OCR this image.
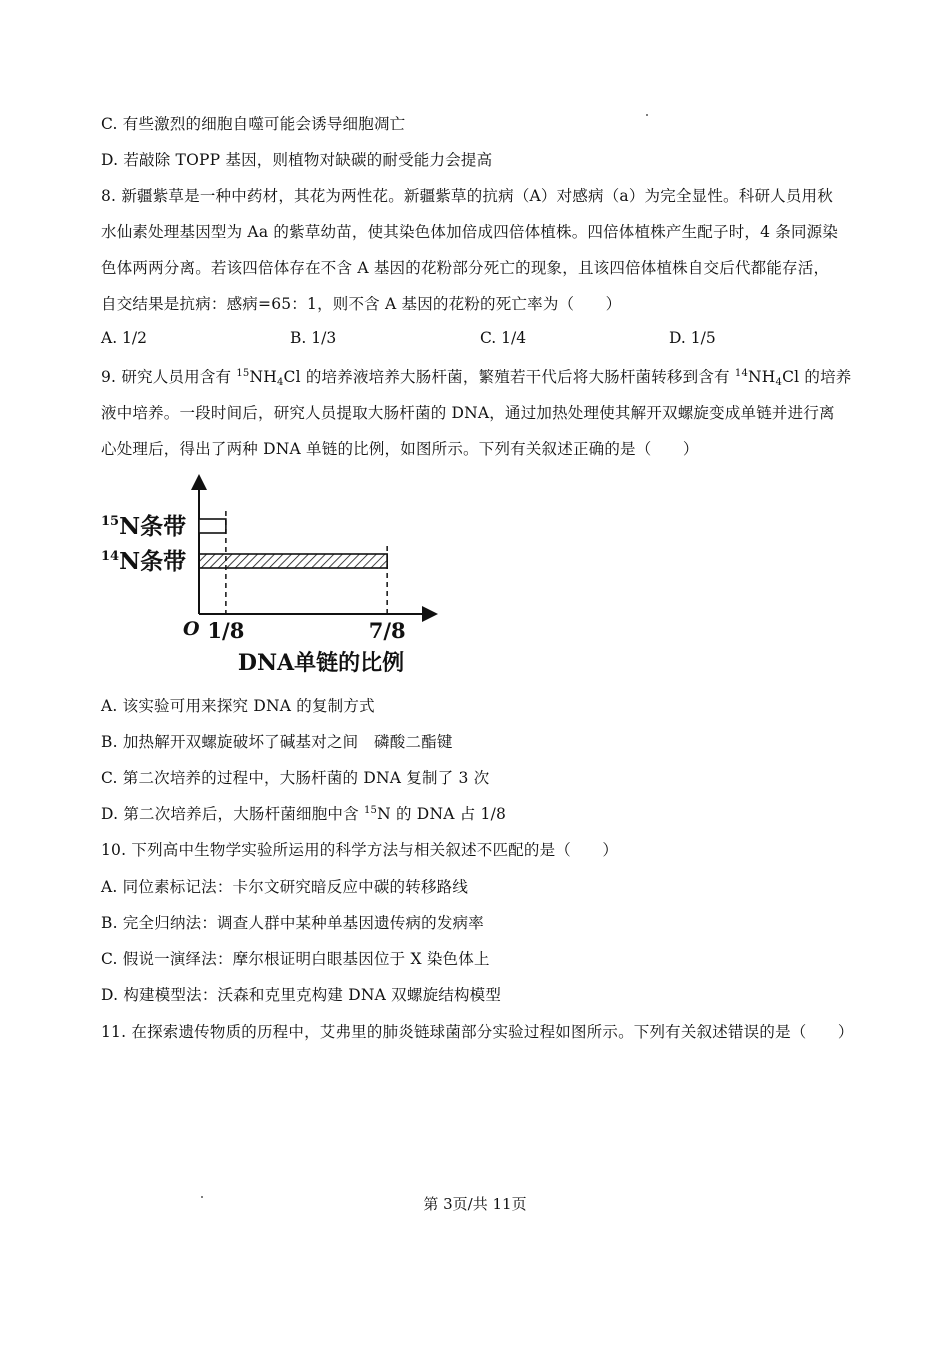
C. 有些激烈的细胞自噬可能会诱导细胞凋亡
D. 若敲除 TOPP 基因，则植物对缺碳的耐受能力会提高
8. 新疆紫草是一种中药材，其花为两性花。新疆紫草的抗病（A）对感病（a）为完全显性。科研人员用秋
水仙素处理基因型为 Aa 的紫草幼苗，使其染色体加倍成四倍体植株。四倍体植株产生配子时，4 条同源染
色体两两分离。若该四倍体存在不含 A 基因的花粉部分死亡的现象，且该四倍体植株自交后代都能存活，
自交结果是抗病：感病=65：1，则不含 A 基因的花粉的死亡率为（　　）
A. 1/2	B. 1/3	C. 1/4	D. 1/5
9. 研究人员用含有 $^{15}NH_4Cl$ 的培养液培养大肠杆菌，繁殖若干代后将大肠杆菌转移到含有 $^{14}NH_4Cl$ 的培养
液中培养。一段时间后，研究人员提取大肠杆菌的 DNA，通过加热处理使其解开双螺旋变成单链并进行离
心处理后，得出了两种 DNA 单链的比例，如图所示。下列有关叙述正确的是（　　）
1/8
$^{15}$N条带
7/8
$^{14}$N条带
O
DNA单链的比例
A. 该实验可用来探究 DNA 的复制方式
B. 加热解开双螺旋破坏了碱基对之间　磷酸二酯键
C. 第二次培养的过程中，大肠杆菌的 DNA 复制了 3 次
D. 第二次培养后，大肠杆菌细胞中含 $^{15}$N 的 DNA 占 1/8
10. 下列高中生物学实验所运用的科学方法与相关叙述不匹配的是（　　）
A. 同位素标记法：卡尔文研究暗反应中碳的转移路线
B. 完全归纳法：调查人群中某种单基因遗传病的发病率
C. 假说一演绎法：摩尔根证明白眼基因位于 X 染色体上
D. 构建模型法：沃森和克里克构建 DNA 双螺旋结构模型
11. 在探索遗传物质的历程中，艾弗里的肺炎链球菌部分实验过程如图所示。下列有关叙述错误的是（　　）
第 3页/共 11页
